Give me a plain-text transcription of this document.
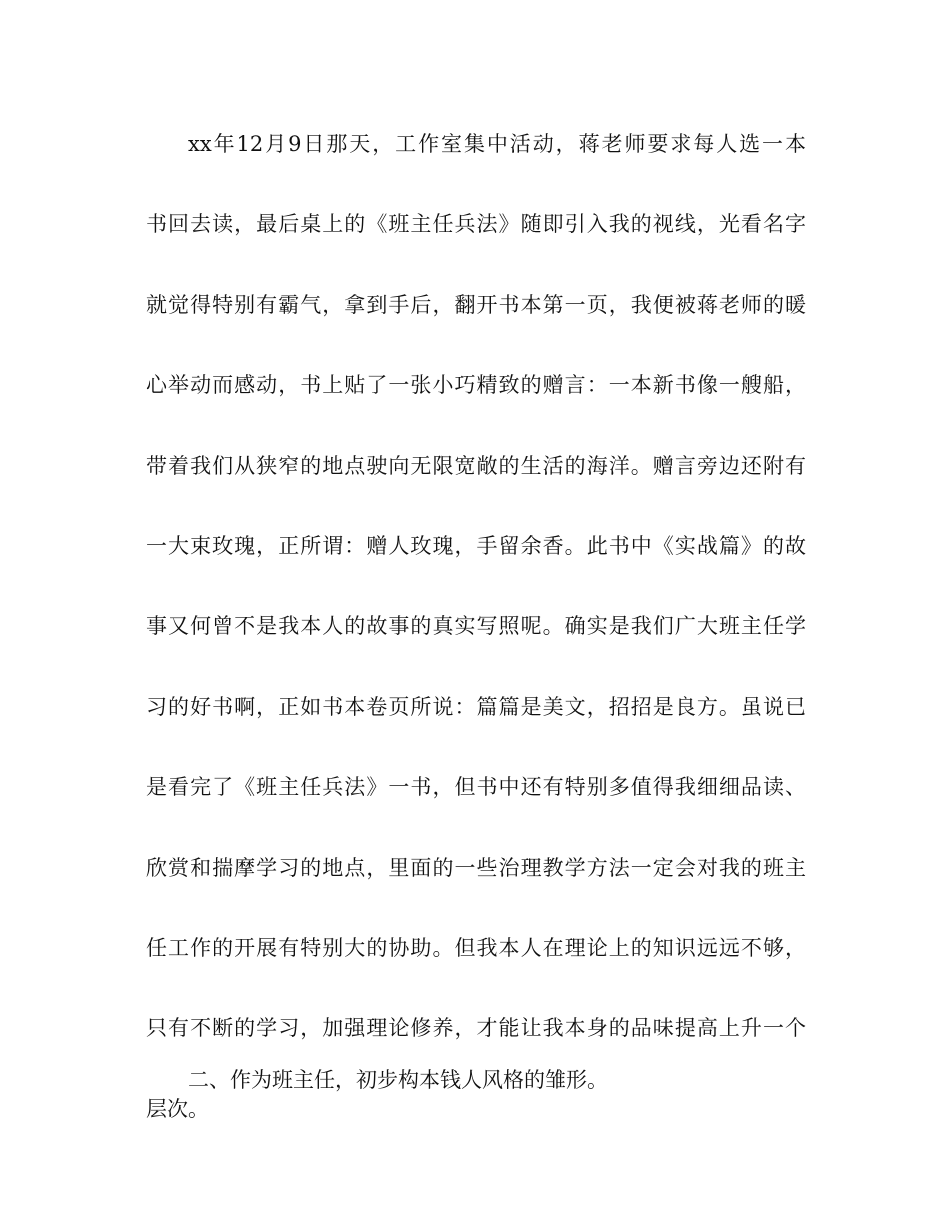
xx年12月9日那天，工作室集中活动，蒋老师要求每人选一本
书回去读，最后桌上的《班主任兵法》随即引入我的视线，光看名字
就觉得特别有霸气，拿到手后，翻开书本第一页，我便被蒋老师的暖
心举动而感动，书上贴了一张小巧精致的赠言：一本新书像一艘船，
带着我们从狭窄的地点驶向无限宽敞的生活的海洋。赠言旁边还附有
一大束玫瑰，正所谓：赠人玫瑰，手留余香。此书中《实战篇》的故
事又何曾不是我本人的故事的真实写照呢。确实是我们广大班主任学
习的好书啊，正如书本卷页所说：篇篇是美文，招招是良方。虽说已
是看完了《班主任兵法》一书，但书中还有特别多值得我细细品读、
欣赏和揣摩学习的地点，里面的一些治理教学方法一定会对我的班主
任工作的开展有特别大的协助。但我本人在理论上的知识远远不够，
只有不断的学习，加强理论修养，才能让我本身的品味提高上升一个
层次。
二、作为班主任，初步构本钱人风格的雏形。
